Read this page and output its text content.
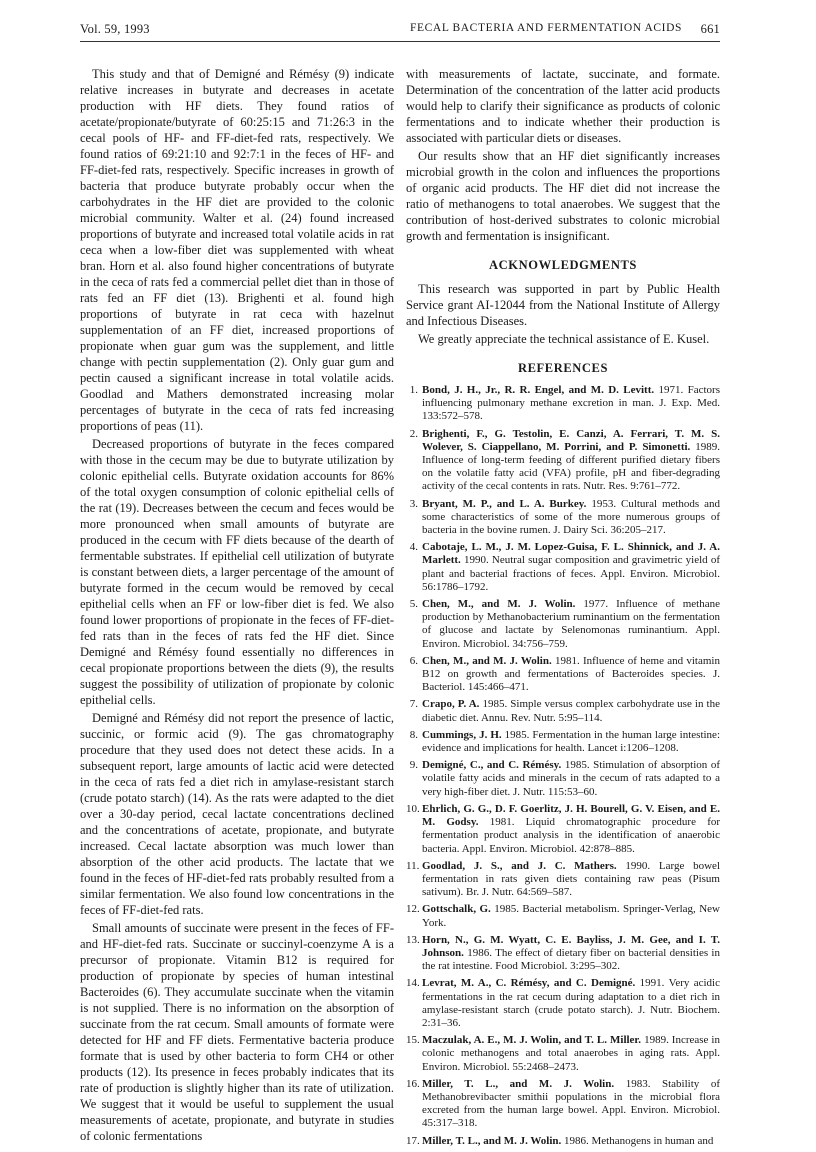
Vol. 59, 1993	FECAL BACTERIA AND FERMENTATION ACIDS 661

This study and that of Demigné and Rémésy (9) indicate relative increases in butyrate and decreases in acetate production with HF diets. They found ratios of acetate/propionate/butyrate of 60:25:15 and 71:26:3 in the cecal pools of HF- and FF-diet-fed rats, respectively. We found ratios of 69:21:10 and 92:7:1 in the feces of HF- and FF-diet-fed rats, respectively. Specific increases in growth of bacteria that produce butyrate probably occur when the carbohydrates in the HF diet are provided to the colonic microbial community. Walter et al. (24) found increased proportions of butyrate and increased total volatile acids in rat ceca when a low-fiber diet was supplemented with wheat bran. Horn et al. also found higher concentrations of butyrate in the ceca of rats fed a commercial pellet diet than in those of rats fed an FF diet (13). Brighenti et al. found high proportions of butyrate in rat ceca with hazelnut supplementation of an FF diet, increased proportions of propionate when guar gum was the supplement, and little change with pectin supplementation (2). Only guar gum and pectin caused a significant increase in total volatile acids. Goodlad and Mathers demonstrated increasing molar percentages of butyrate in the ceca of rats fed increasing proportions of peas (11).

Decreased proportions of butyrate in the feces compared with those in the cecum may be due to butyrate utilization by colonic epithelial cells. Butyrate oxidation accounts for 86% of the total oxygen consumption of colonic epithelial cells of the rat (19). Decreases between the cecum and feces would be more pronounced when small amounts of butyrate are produced in the cecum with FF diets because of the dearth of fermentable substrates. If epithelial cell utilization of butyrate is constant between diets, a larger percentage of the amount of butyrate formed in the cecum would be removed by cecal epithelial cells when an FF or low-fiber diet is fed. We also found lower proportions of propionate in the feces of FF-diet-fed rats than in the feces of rats fed the HF diet. Since Demigné and Rémésy found essentially no differences in cecal propionate proportions between the diets (9), the results suggest the possibility of utilization of propionate by colonic epithelial cells.

Demigné and Rémésy did not report the presence of lactic, succinic, or formic acid (9). The gas chromatography procedure that they used does not detect these acids. In a subsequent report, large amounts of lactic acid were detected in the ceca of rats fed a diet rich in amylase-resistant starch (crude potato starch) (14). As the rats were adapted to the diet over a 30-day period, cecal lactate concentrations declined and the concentrations of acetate, propionate, and butyrate increased. Cecal lactate absorption was much lower than absorption of the other acid products. The lactate that we found in the feces of HF-diet-fed rats probably resulted from a similar fermentation. We also found low concentrations in the feces of FF-diet-fed rats.

Small amounts of succinate were present in the feces of FF- and HF-diet-fed rats. Succinate or succinyl-coenzyme A is a precursor of propionate. Vitamin B12 is required for production of propionate by species of human intestinal Bacteroides (6). They accumulate succinate when the vitamin is not supplied. There is no information on the absorption of succinate from the rat cecum. Small amounts of formate were detected for HF and FF diets. Fermentative bacteria produce formate that is used by other bacteria to form CH4 or other products (12). Its presence in feces probably indicates that its rate of production is slightly higher than its rate of utilization. We suggest that it would be useful to supplement the usual measurements of acetate, propionate, and butyrate in studies of colonic fermentations

with measurements of lactate, succinate, and formate. Determination of the concentration of the latter acid products would help to clarify their significance as products of colonic fermentations and to indicate whether their production is associated with particular diets or diseases.

Our results show that an HF diet significantly increases microbial growth in the colon and influences the proportions of organic acid products. The HF diet did not increase the ratio of methanogens to total anaerobes. We suggest that the contribution of host-derived substrates to colonic microbial growth and fermentation is insignificant.

ACKNOWLEDGMENTS

This research was supported in part by Public Health Service grant AI-12044 from the National Institute of Allergy and Infectious Diseases.

We greatly appreciate the technical assistance of E. Kusel.

REFERENCES
1. Bond, J. H., Jr., R. R. Engel, and M. D. Levitt. 1971. Factors influencing pulmonary methane excretion in man. J. Exp. Med. 133:572–578.
2. Brighenti, F., G. Testolin, E. Canzi, A. Ferrari, T. M. S. Wolever, S. Ciappellano, M. Porrini, and P. Simonetti. 1989. Influence of long-term feeding of different purified dietary fibers on the volatile fatty acid (VFA) profile, pH and fiber-degrading activity of the cecal contents in rats. Nutr. Res. 9:761–772.
3. Bryant, M. P., and L. A. Burkey. 1953. Cultural methods and some characteristics of some of the more numerous groups of bacteria in the bovine rumen. J. Dairy Sci. 36:205–217.
4. Cabotaje, L. M., J. M. Lopez-Guisa, F. L. Shinnick, and J. A. Marlett. 1990. Neutral sugar composition and gravimetric yield of plant and bacterial fractions of feces. Appl. Environ. Microbiol. 56:1786–1792.
5. Chen, M., and M. J. Wolin. 1977. Influence of methane production by Methanobacterium ruminantium on the fermentation of glucose and lactate by Selenomonas ruminantium. Appl. Environ. Microbiol. 34:756–759.
6. Chen, M., and M. J. Wolin. 1981. Influence of heme and vitamin B12 on growth and fermentations of Bacteroides species. J. Bacteriol. 145:466–471.
7. Crapo, P. A. 1985. Simple versus complex carbohydrate use in the diabetic diet. Annu. Rev. Nutr. 5:95–114.
8. Cummings, J. H. 1985. Fermentation in the human large intestine: evidence and implications for health. Lancet i:1206–1208.
9. Demigné, C., and C. Rémésy. 1985. Stimulation of absorption of volatile fatty acids and minerals in the cecum of rats adapted to a very high-fiber diet. J. Nutr. 115:53–60.
10. Ehrlich, G. G., D. F. Goerlitz, J. H. Bourell, G. V. Eisen, and E. M. Godsy. 1981. Liquid chromatographic procedure for fermentation product analysis in the identification of anaerobic bacteria. Appl. Environ. Microbiol. 42:878–885.
11. Goodlad, J. S., and J. C. Mathers. 1990. Large bowel fermentation in rats given diets containing raw peas (Pisum sativum). Br. J. Nutr. 64:569–587.
12. Gottschalk, G. 1985. Bacterial metabolism. Springer-Verlag, New York.
13. Horn, N., G. M. Wyatt, C. E. Bayliss, J. M. Gee, and I. T. Johnson. 1986. The effect of dietary fiber on bacterial densities in the rat intestine. Food Microbiol. 3:295–302.
14. Levrat, M. A., C. Rémésy, and C. Demigné. 1991. Very acidic fermentations in the rat cecum during adaptation to a diet rich in amylase-resistant starch (crude potato starch). J. Nutr. Biochem. 2:31–36.
15. Maczulak, A. E., M. J. Wolin, and T. L. Miller. 1989. Increase in colonic methanogens and total anaerobes in aging rats. Appl. Environ. Microbiol. 55:2468–2473.
16. Miller, T. L., and M. J. Wolin. 1983. Stability of Methanobrevibacter smithii populations in the microbial flora excreted from the human large bowel. Appl. Environ. Microbiol. 45:317–318.
17. Miller, T. L., and M. J. Wolin. 1986. Methanogens in human and
